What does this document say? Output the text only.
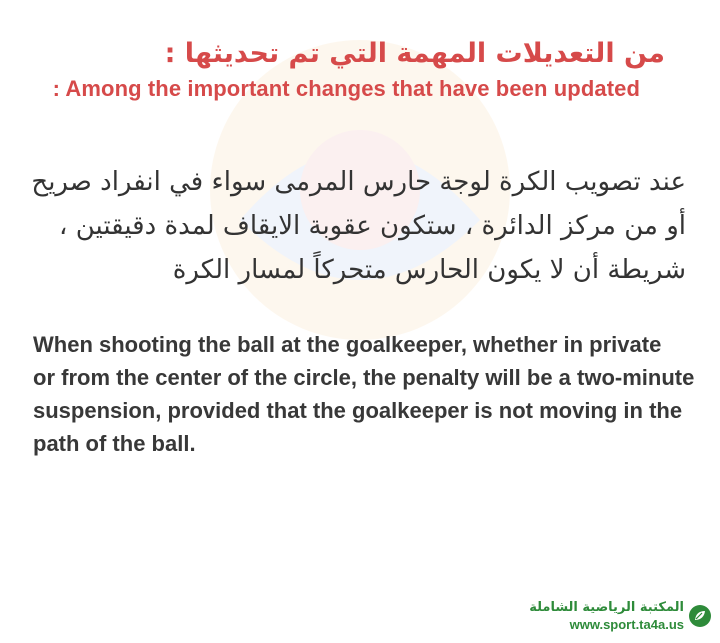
من التعديلات المهمة التي تم تحديثها :
: Among the important changes that have been updated
عند تصويب الكرة لوجة حارس المرمى سواء في انفراد صريح
أو من مركز الدائرة ، ستكون عقوبة الايقاف لمدة دقيقتين ،
شريطة أن لا يكون الحارس متحركاً لمسار الكرة
When shooting the ball at the goalkeeper, whether in private
or from the center of the circle, the penalty will be a two-minute
suspension, provided that the goalkeeper is not moving in the
path of the ball.
المكتبة الرياضية الشاملة
www.sport.ta4a.us
